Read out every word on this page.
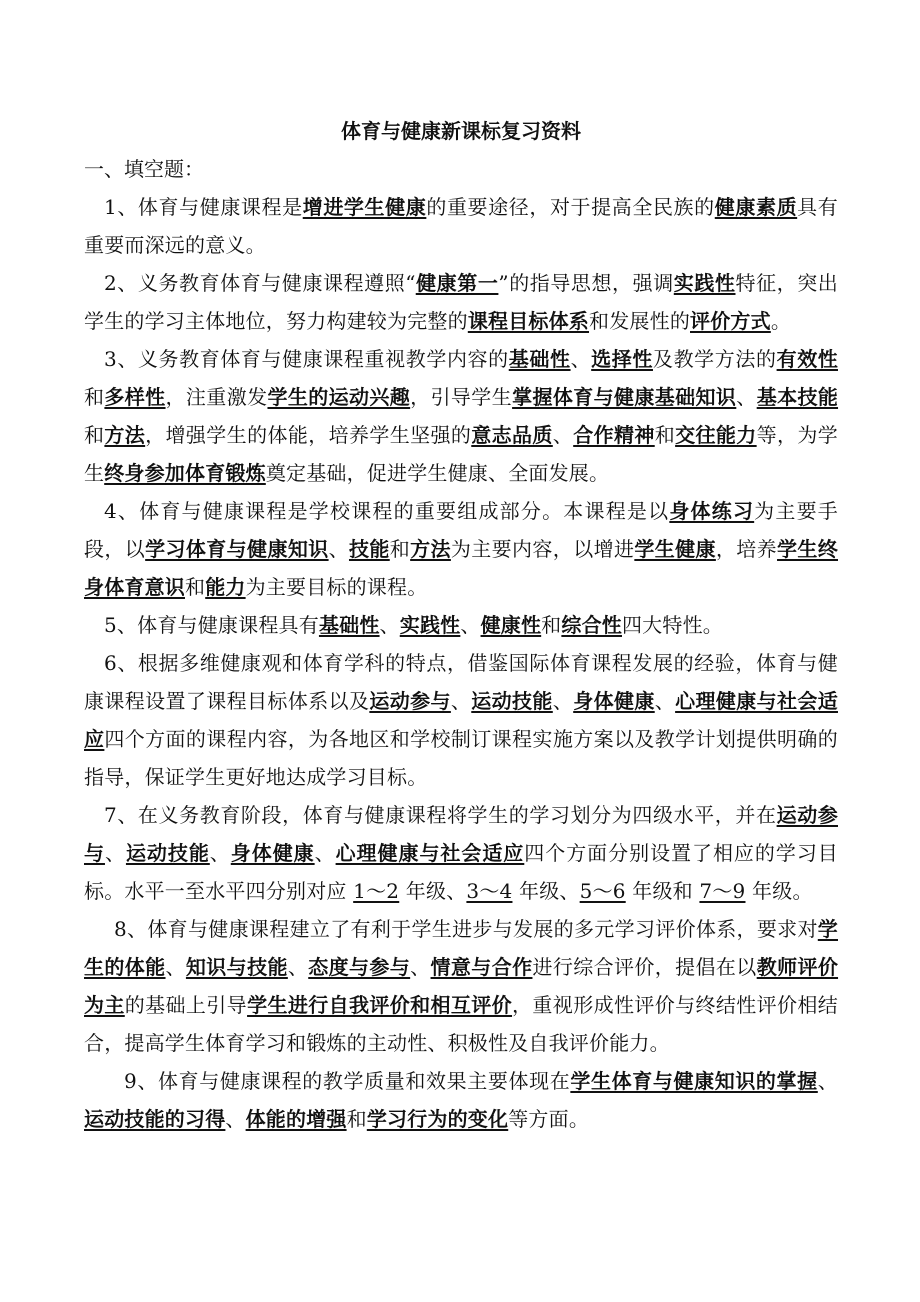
体育与健康新课标复习资料

一、填空题：

1、体育与健康课程是增进学生健康的重要途径，对于提高全民族的健康素质具有重要而深远的意义。

2、义务教育体育与健康课程遵照“健康第一”的指导思想，强调实践性特征，突出学生的学习主体地位，努力构建较为完整的课程目标体系和发展性的评价方式。

3、义务教育体育与健康课程重视教学内容的基础性、选择性及教学方法的有效性和多样性，注重激发学生的运动兴趣，引导学生掌握体育与健康基础知识、基本技能和方法，增强学生的体能，培养学生坚强的意志品质、合作精神和交往能力等，为学生终身参加体育锻炼奠定基础，促进学生健康、全面发展。

4、体育与健康课程是学校课程的重要组成部分。本课程是以身体练习为主要手段，以学习体育与健康知识、技能和方法为主要内容，以增进学生健康，培养学生终身体育意识和能力为主要目标的课程。

5、体育与健康课程具有基础性、实践性、健康性和综合性四大特性。

6、根据多维健康观和体育学科的特点，借鉴国际体育课程发展的经验，体育与健康课程设置了课程目标体系以及运动参与、运动技能、身体健康、心理健康与社会适应四个方面的课程内容，为各地区和学校制订课程实施方案以及教学计划提供明确的指导，保证学生更好地达成学习目标。

7、在义务教育阶段，体育与健康课程将学生的学习划分为四级水平，并在运动参与、运动技能、身体健康、心理健康与社会适应四个方面分别设置了相应的学习目标。水平一至水平四分别对应 1～2 年级、3～4 年级、5～6 年级和 7～9 年级。

8、体育与健康课程建立了有利于学生进步与发展的多元学习评价体系，要求对学生的体能、知识与技能、态度与参与、情意与合作进行综合评价，提倡在以教师评价为主的基础上引导学生进行自我评价和相互评价，重视形成性评价与终结性评价相结合，提高学生体育学习和锻炼的主动性、积极性及自我评价能力。

9、体育与健康课程的教学质量和效果主要体现在学生体育与健康知识的掌握、运动技能的习得、体能的增强和学习行为的变化等方面。
